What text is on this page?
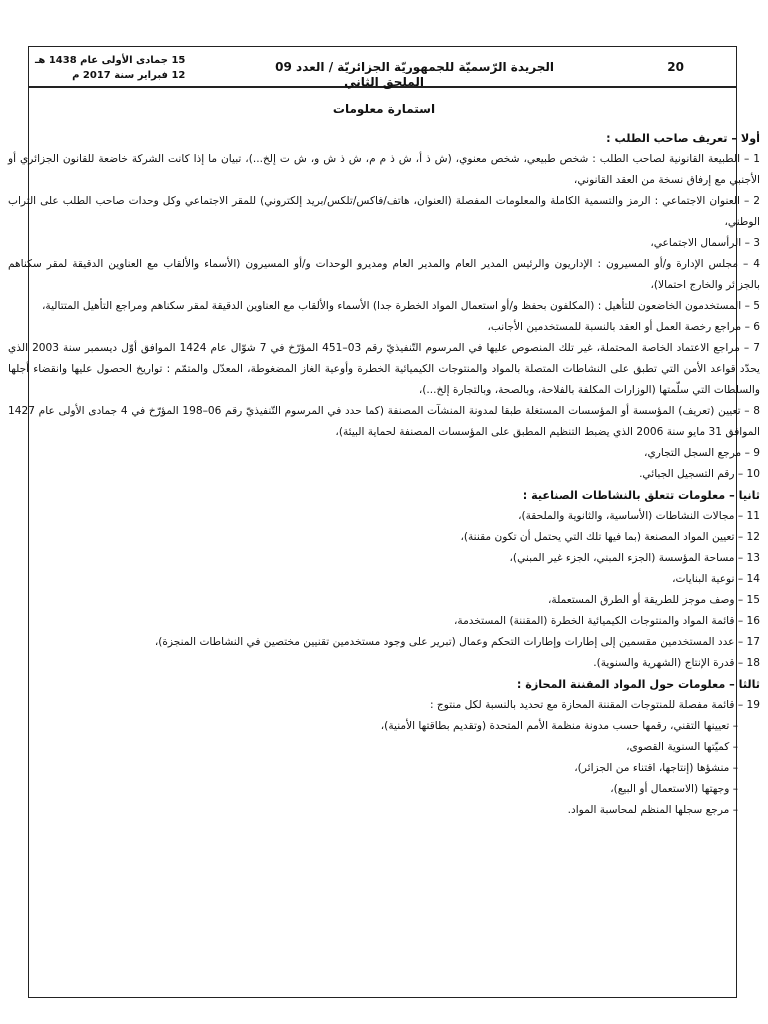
20
الجريدة الرّسميّة للجمهوريّة الجزائريّة / العدد 09
15 جمادى الأولى عام 1438 هـ
12 فبراير سنة 2017 م	الملحق الثاني
استمارة معلومات
أولا – تعريف صاحب الطلب :
1 – الطبيعة القانونية لصاحب الطلب : شخص طبيعي، شخص معنوي، (ش ذ أ، ش ذ م م، ش ذ ش و، ش ت إلخ...)، تبيان ما إذا كانت الشركة خاضعة للقانون الجزائري أو الأجنبي مع إرفاق نسخة من العقد القانوني،
2 – العنوان الاجتماعي : الرمز والتسمية الكاملة والمعلومات المفصلة (العنوان، هاتف/فاكس/تلكس/بريد إلكتروني) للمقر الاجتماعي وكل وحدات صاحب الطلب على التراب الوطني،
3 – الرأسمال الاجتماعي،
4 – مجلس الإدارة و/أو المسيرون : الإداريون والرئيس المدير العام والمدير العام ومديرو الوحدات و/أو المسيرون (الأسماء والألقاب مع العناوين الدقيقة لمقر سكناهم بالجزائر والخارج احتمالا)،
5 – المستخدمون الخاضعون للتأهيل : (المكلفون بحفظ و/أو استعمال المواد الخطرة جدا) الأسماء والألقاب مع العناوين الدقيقة لمقر سكناهم ومراجع التأهيل المتتالية،
6 – مراجع رخصة العمل أو العقد بالنسبة للمستخدمين الأجانب،
7 – مراجع الاعتماد الخاصة المحتملة، غير تلك المنصوص عليها في المرسوم التّنفيذيّ رقم 03–451 المؤرّخ في 7 شوّال عام 1424 الموافق أوّل ديسمبر سنة 2003 الذي يحدّد قواعد الأمن التي تطبق على النشاطات المتصلة بالمواد والمنتوجات الكيميائية الخطرة وأوعية الغاز المضغوطة، المعدّل والمتمّم : تواريخ الحصول عليها وانقضاء أجلها والسلطات التي سلّمتها (الوزارات المكلفة بالفلاحة، وبالصحة، وبالتجارة إلخ...)،
8 – تعيين (تعريف) المؤسسة أو المؤسسات المستغلة طبقا لمدونة المنشآت المصنفة (كما حدد في المرسوم التّنفيذيّ رقم 06–198 المؤرّخ في 4 جمادى الأولى عام 1427 الموافق 31 مايو سنة 2006 الذي يضبط التنظيم المطبق على المؤسسات المصنفة لحماية البيئة)،
9 – مرجع السجل التجاري،
10 – رقم التسجيل الجبائي.
ثانيا – معلومات تتعلق بالنشاطات الصناعية :
11 – مجالات النشاطات (الأساسية، والثانوية والملحقة)،
12 – تعيين المواد المصنعة (بما فيها تلك التي يحتمل أن تكون مقننة)،
13 – مساحة المؤسسة (الجزء المبني، الجزء غير المبني)،
14 – نوعية البنايات،
15 – وصف موجز للطريقة أو الطرق المستعملة،
16 – قائمة المواد والمنتوجات الكيميائية الخطرة (المقننة) المستخدمة،
17 – عدد المستخدمين مقسمين إلى إطارات وإطارات التحكم وعمال (تبرير على وجود مستخدمين تقنيين مختصين في النشاطات المنجزة)،
18 – قدرة الإنتاج (الشهرية والسنوية).
ثالثا – معلومات حول المواد المقننة المحازة :
19 – قائمة مفصلة للمنتوجات المقننة المحازة مع تحديد بالنسبة لكل منتوج :
– تعيينها التقني، رقمها حسب مدونة منظمة الأمم المتحدة (وتقديم بطاقتها الأمنية)،
– كميّتها السنوية القصوى،
– منشؤها (إنتاجها، اقتناء من الجزائر)،
– وجهتها (الاستعمال أو البيع)،
– مرجع سجلها المنظم لمحاسبة المواد.
